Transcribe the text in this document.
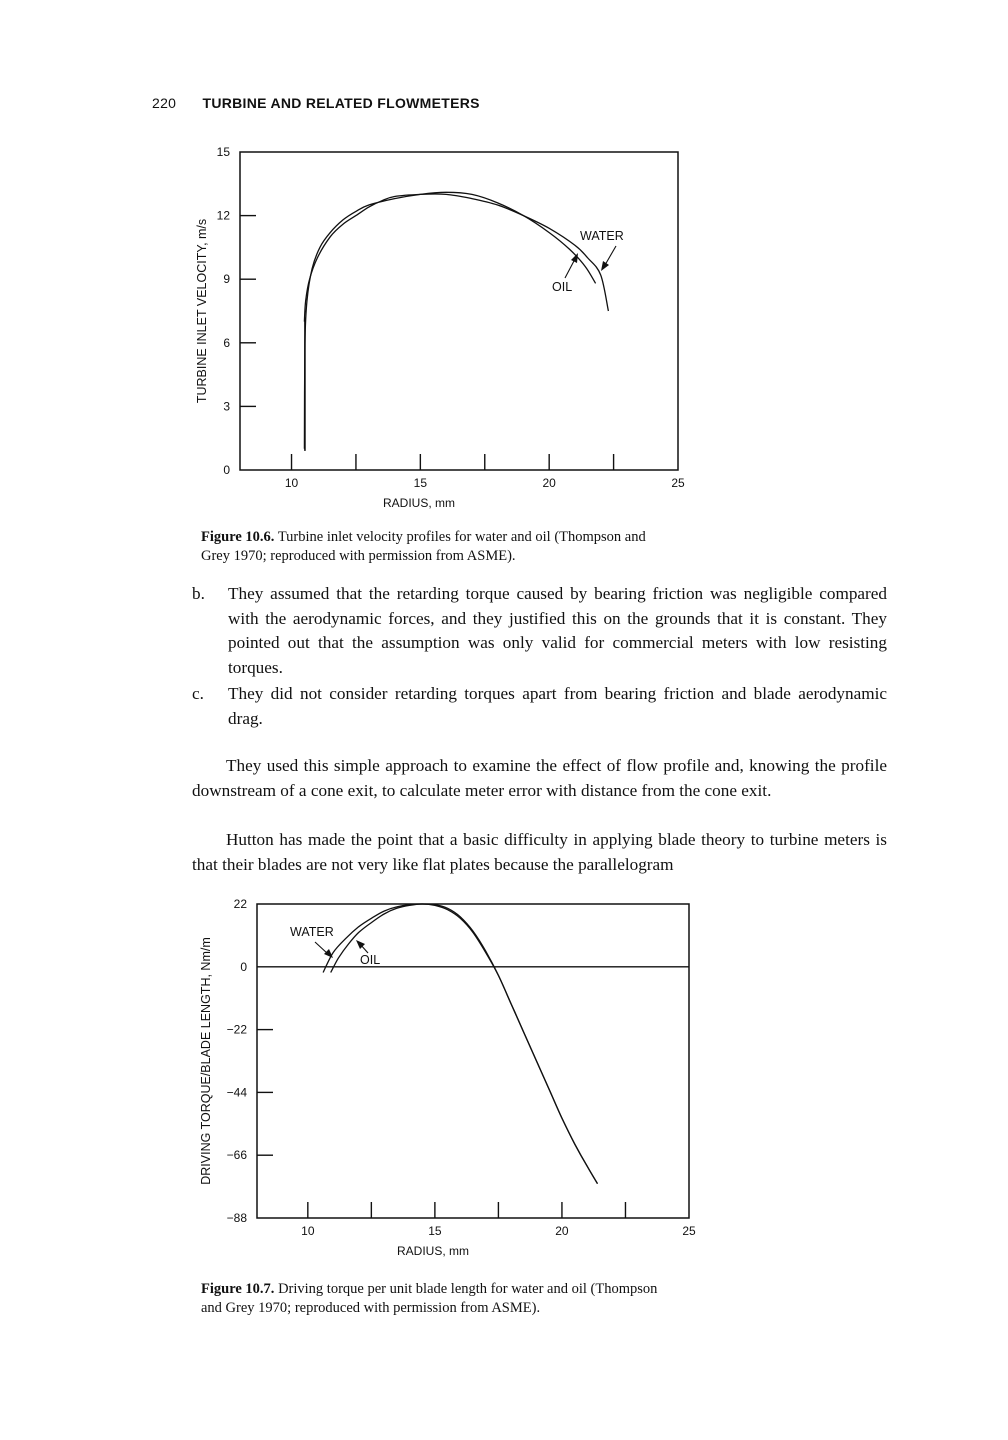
220 TURBINE AND RELATED FLOWMETERS
10	15	20	25
0
3
6
9
12
15
RADIUS, mm
TURBINE INLET VELOCITY, m/s	WATER
OIL
Figure 10.6. Turbine inlet velocity profiles for water and oil (Thompson and
Grey 1970; reproduced with permission from ASME).
b. They assumed that the retarding torque caused by bearing friction was negligible compared with the aerodynamic forces, and they justified this on the grounds that it is constant. They pointed out that the assumption was only valid for commercial meters with low resisting torques.
c. They did not consider retarding torques apart from bearing friction and blade aerodynamic drag.

They used this simple approach to examine the effect of flow profile and, knowing the profile downstream of a cone exit, to calculate meter error with distance from the cone exit.

Hutton has made the point that a basic difficulty in applying blade theory to turbine meters is that their blades are not very like flat plates because the parallelogram

10	15	20	25
22
0
−22
−44
−66
−88
RADIUS, mm
DRIVING TORQUE/BLADE LENGTH, Nm/m
WATER
OIL
Figure 10.7. Driving torque per unit blade length for water and oil (Thompson
and Grey 1970; reproduced with permission from ASME).
